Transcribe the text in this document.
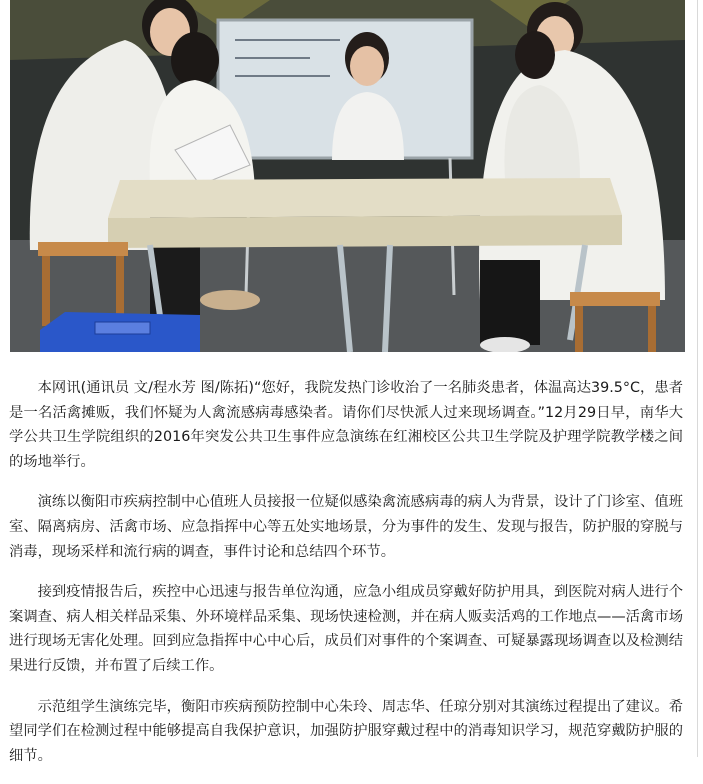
本网讯(通讯员 文/程水芳 图/陈拓)“您好，我院发热门诊收治了一名肺炎患者，体温高达39.5°C，患者是一名活禽摊贩，我们怀疑为人禽流感病毒感染者。请你们尽快派人过来现场调查。”12月29日早，南华大学公共卫生学院组织的2016年突发公共卫生事件应急演练在红湘校区公共卫生学院及护理学院教学楼之间的场地举行。

演练以衡阳市疾病控制中心值班人员接报一位疑似感染禽流感病毒的病人为背景，设计了门诊室、值班室、隔离病房、活禽市场、应急指挥中心等五处实地场景，分为事件的发生、发现与报告，防护服的穿脱与消毒，现场采样和流行病的调查，事件讨论和总结四个环节。

接到疫情报告后，疾控中心迅速与报告单位沟通，应急小组成员穿戴好防护用具，到医院对病人进行个案调查、病人相关样品采集、外环境样品采集、现场快速检测，并在病人贩卖活鸡的工作地点——活禽市场进行现场无害化处理。回到应急指挥中心中心后，成员们对事件的个案调查、可疑暴露现场调查以及检测结果进行反馈，并布置了后续工作。

示范组学生演练完毕，衡阳市疾病预防控制中心朱玲、周志华、任琼分别对其演练过程提出了建议。希望同学们在检测过程中能够提高自我保护意识，加强防护服穿戴过程中的消毒知识学习，规范穿戴防护服的细节。
